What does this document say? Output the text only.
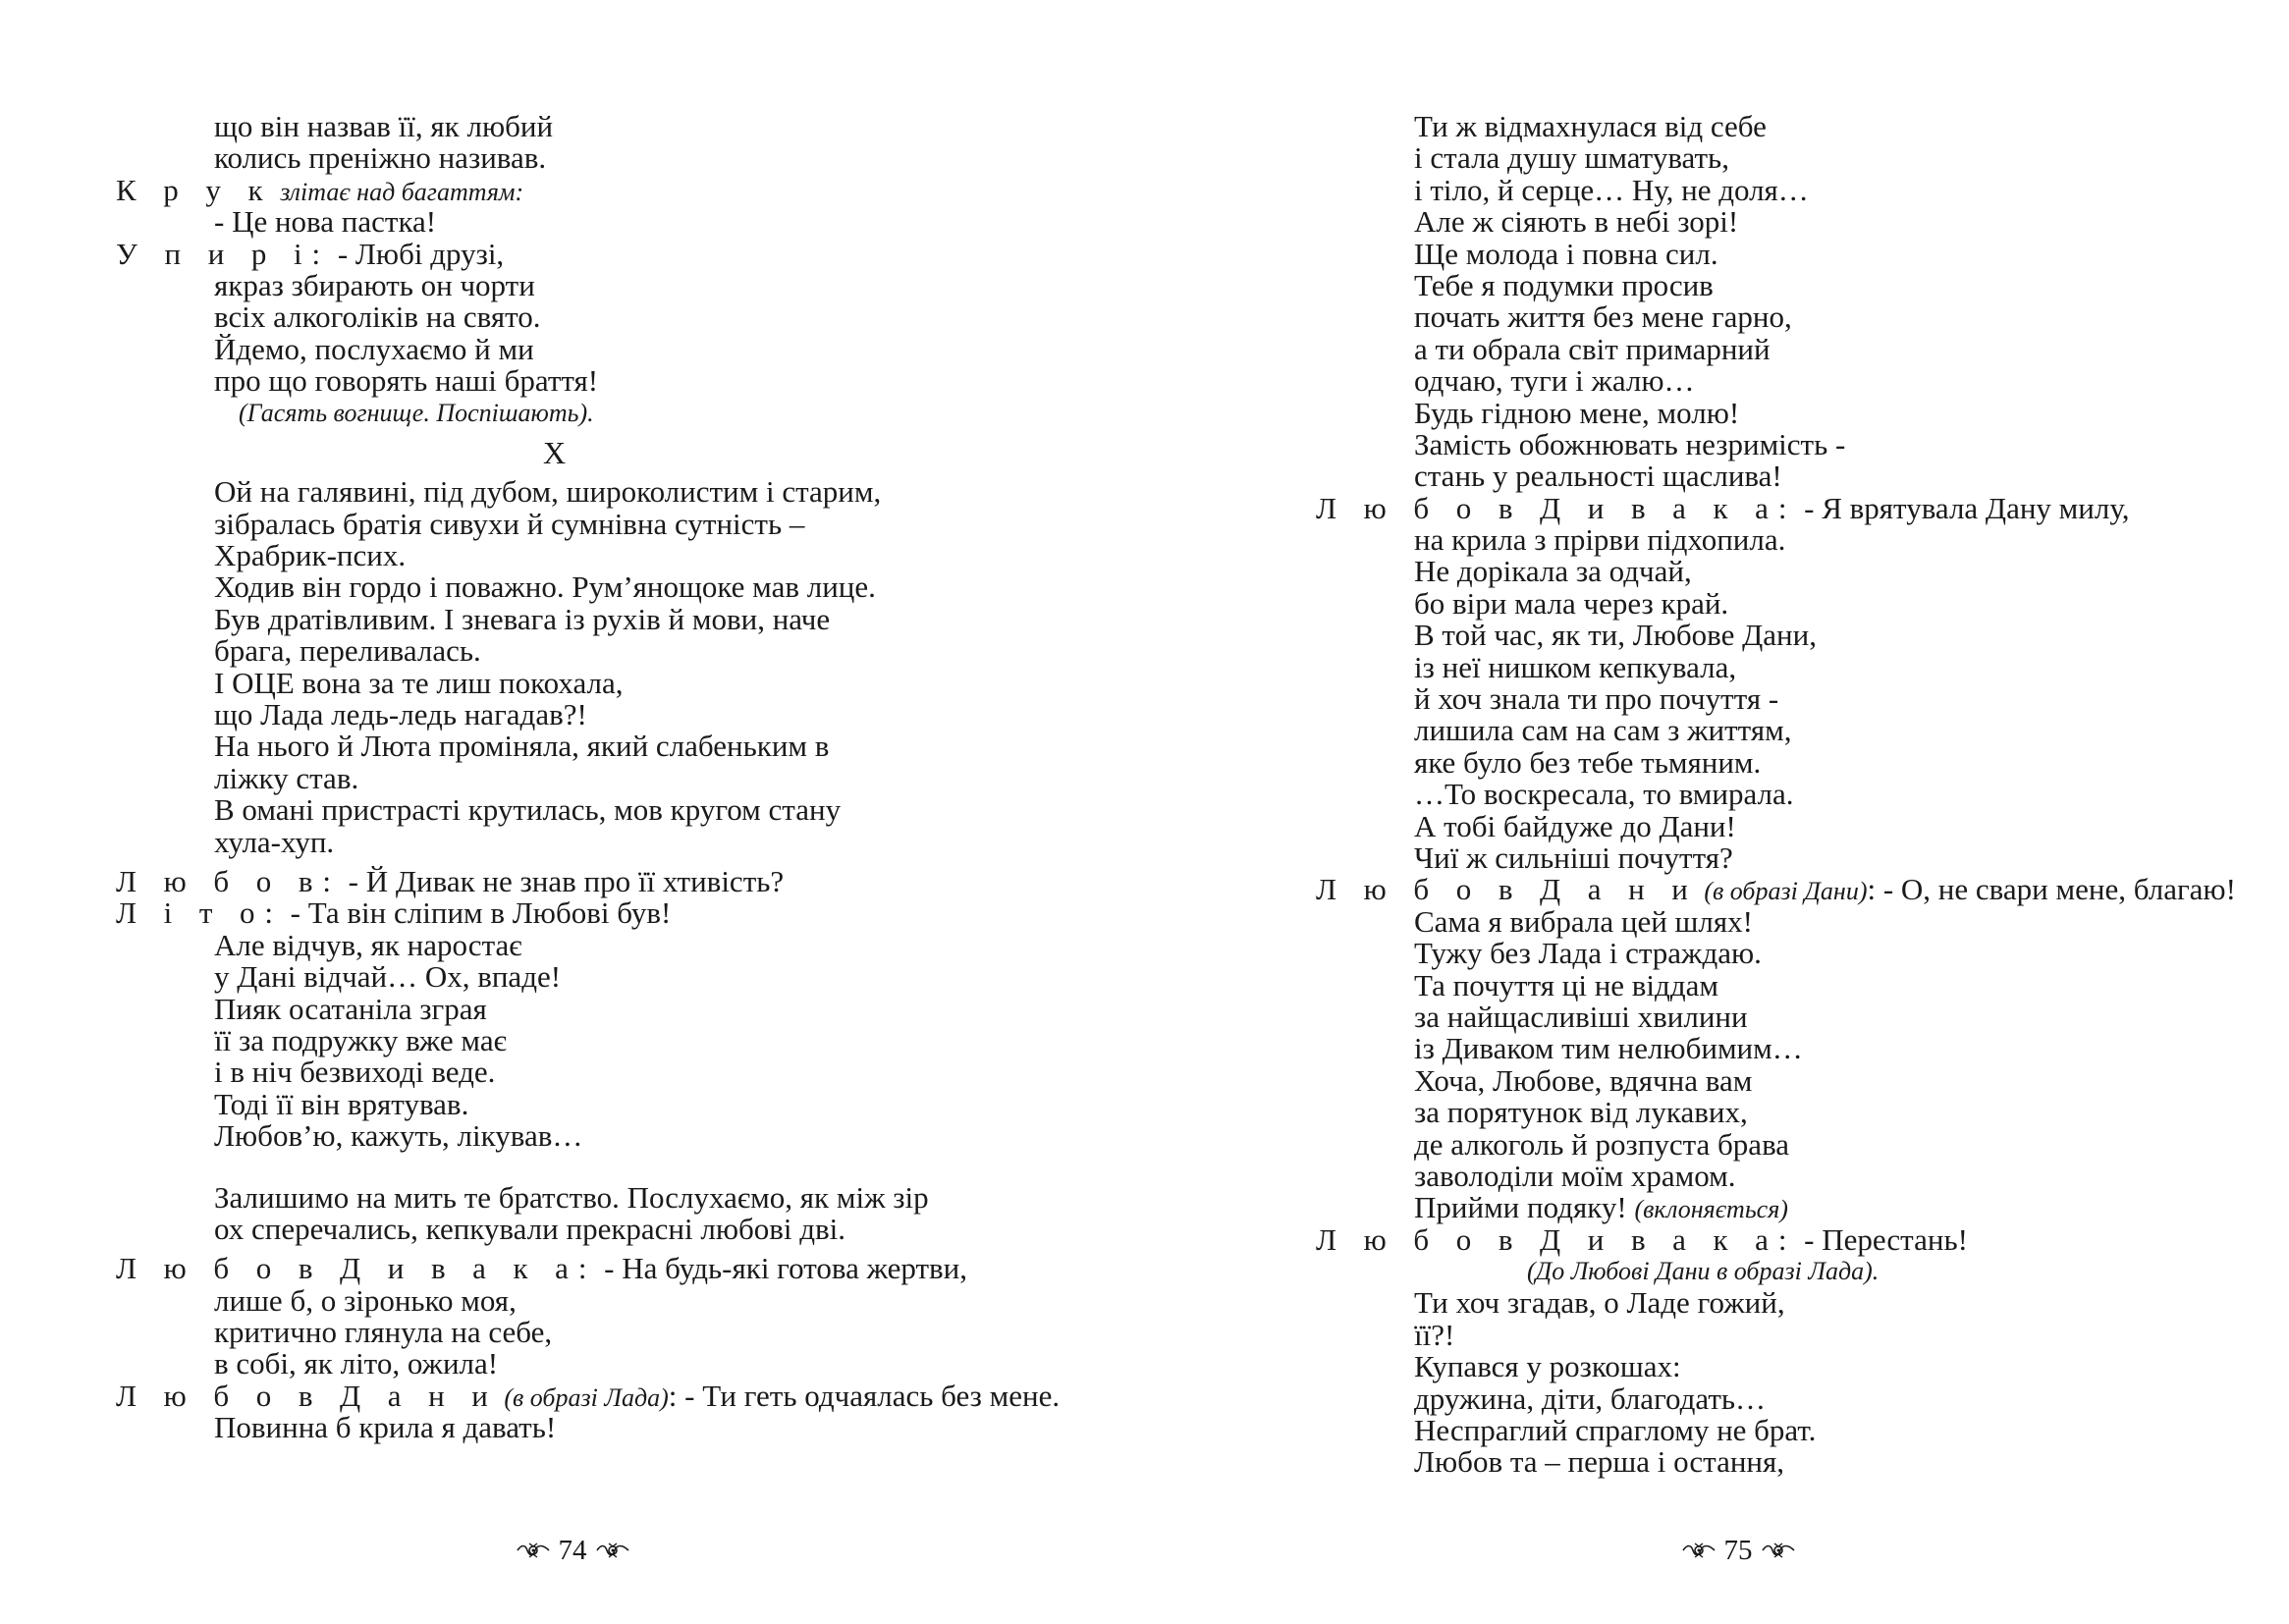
що він назвав її, як любий
колись преніжно називав.
К р у к злітає над багаттям:
- Це нова пастка!
У п и р і: - Любі друзі,
якраз збирають он чорти
всіх алкоголіків на свято.
Йдемо, послухаємо й ми
про що говорять наші браття!
(Гасять вогнище. Поспішають).
Х
Ой на галявині, під дубом, широколистим і старим,
зібралась братія сивухи й сумнівна сутність –
Храбрик-псих.
Ходив він гордо і поважно. Рум’янощоке мав лице.
Був дратівливим. І зневага із рухів й мови, наче
брага, переливалась.
І ОЦЕ вона за те лиш покохала,
що Лада ледь-ледь нагадав?!
На нього й Люта проміняла, який слабеньким в
ліжку став.
В омані пристрасті крутилась, мов кругом стану
хула-хуп.
Л ю б о в: - Й Дивак не знав про її хтивість?
Л і т о: - Та він сліпим в Любові був!
Але відчув, як наростає
у Дані відчай… Ох, впаде!
Пияк осатаніла зграя
її за подружку вже має
і в ніч безвиході веде.
Тоді її він врятував.
Любов’ю, кажуть, лікував…
Залишимо на мить те братство. Послухаємо, як між зір
ох сперечались, кепкували прекрасні любові дві.
Л ю б о в Д и в а к а: - На будь-які готова жертви,
лише б, о зіронько моя,
критично глянула на себе,
в собі, як літо, ожила!
Л ю б о в Д а н и (в образі Лада): - Ти геть одчаялась без мене.
Повинна б крила я давать!
74
Ти ж відмахнулася від себе
і стала душу шматувать,
і тіло, й серце… Ну, не доля…
Але ж сіяють в небі зорі!
Ще молода і повна сил.
Тебе я подумки просив
почать життя без мене гарно,
а ти обрала світ примарний
одчаю, туги і жалю…
Будь гідною мене, молю!
Замість обожнювать незримість -
стань у реальності щаслива!
Л ю б о в Д и в а к а: - Я врятувала Дану милу,
на крила з прірви підхопила.
Не дорікала за одчай,
бо віри мала через край.
В той час, як ти, Любове Дани,
із неї нишком кепкувала,
й хоч знала ти про почуття -
лишила сам на сам з життям,
яке було без тебе тьмяним.
…То воскресала, то вмирала.
А тобі байдуже до Дани!
Чиї ж сильніші почуття?
Л ю б о в Д а н и (в образі Дани): - О, не свари мене, благаю!
Сама я вибрала цей шлях!
Тужу без Лада і страждаю.
Та почуття ці не віддам
за найщасливіші хвилини
із Диваком тим нелюбимим…
Хоча, Любове, вдячна вам
за порятунок від лукавих,
де алкоголь й розпуста брава
заволоділи моїм храмом.
Прийми подяку! (вклоняється)
Л ю б о в Д и в а к а: - Перестань!
(До Любові Дани в образі Лада).
Ти хоч згадав, о Ладе гожий,
її?!
Купався у розкошах:
дружина, діти, благодать…
Неспраглий спраглому не брат.
Любов та – перша і остання,
75
